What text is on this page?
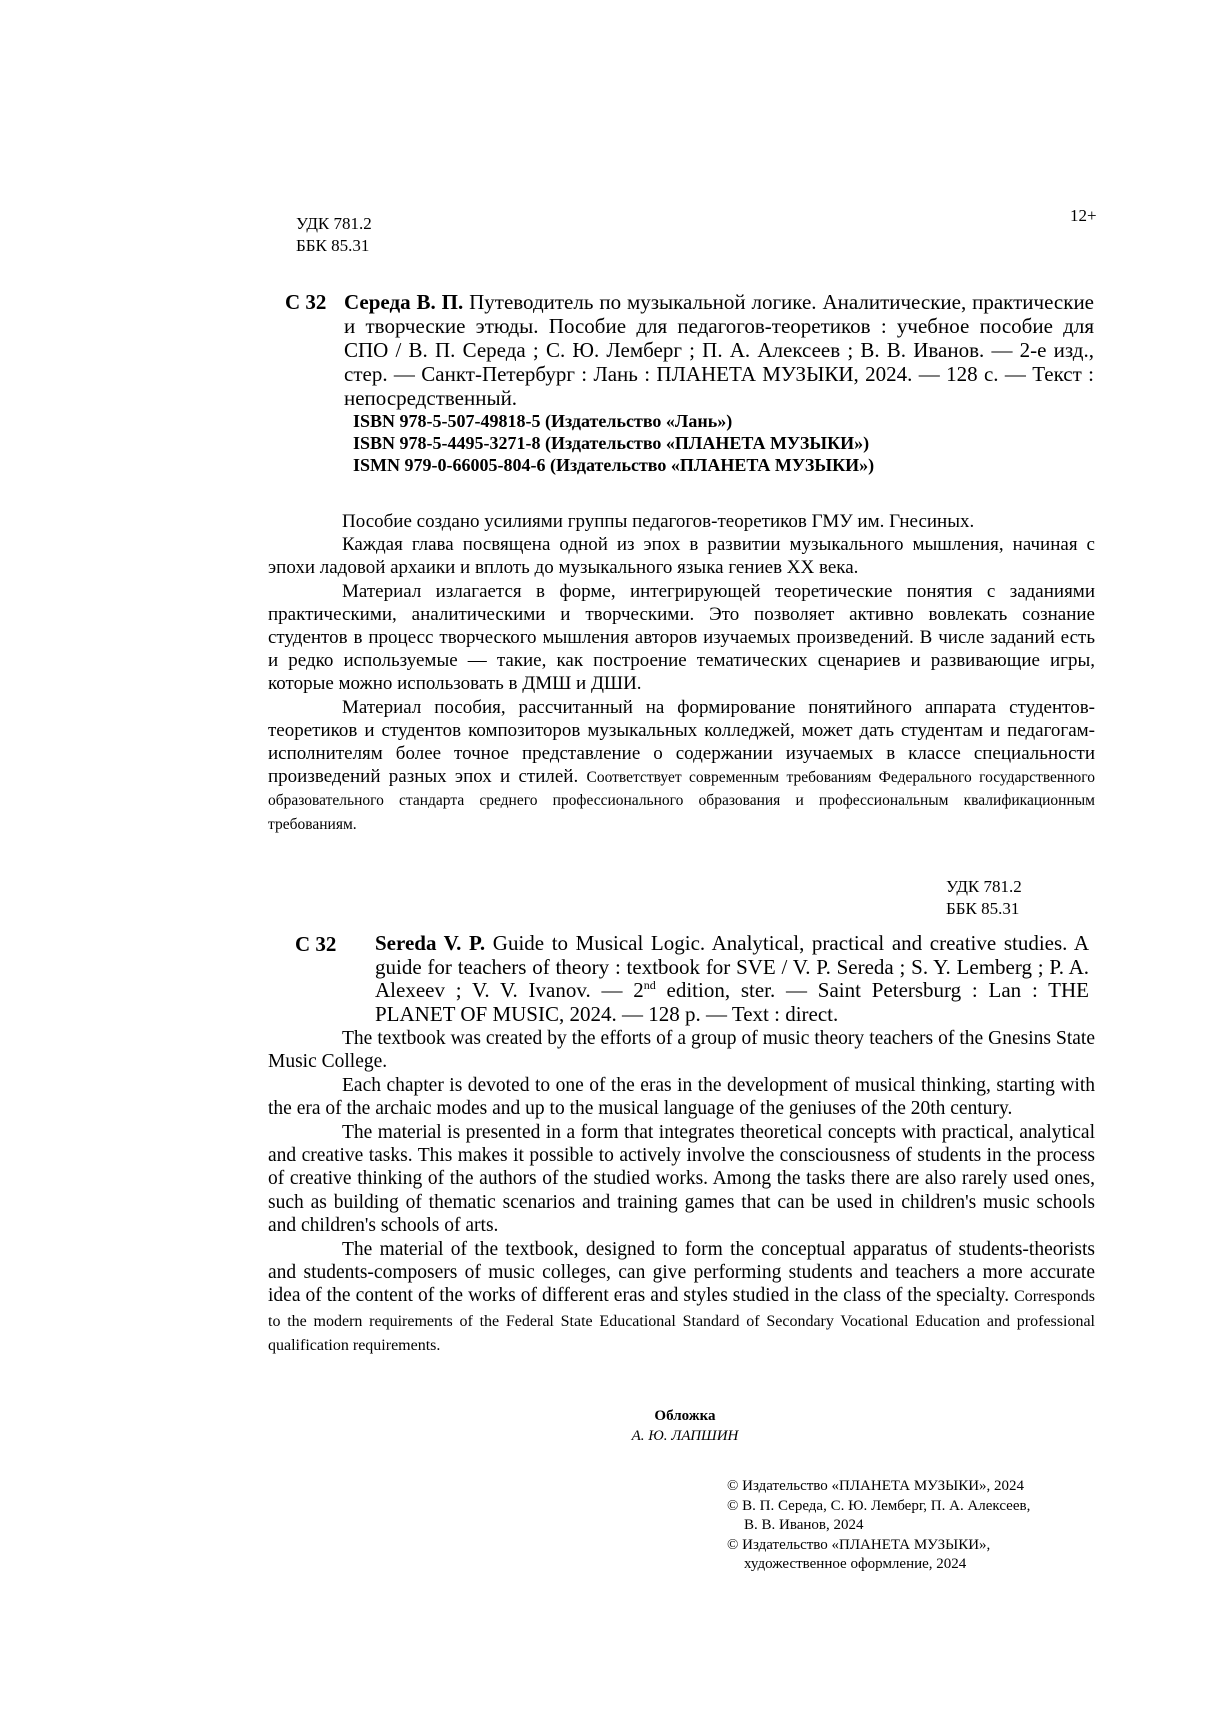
УДК 781.2
ББК 85.31
12+
С 32 Середа В. П. Путеводитель по музыкальной логике. Аналитические, практические и творческие этюды. Пособие для педагогов-теоретиков : учебное пособие для СПО / В. П. Середа ; С. Ю. Лемберг ; П. А. Алексеев ; В. В. Иванов. — 2-е изд., стер. — Санкт-Петербург : Лань : ПЛАНЕТА МУЗЫКИ, 2024. — 128 с. — Текст : непосредственный.
ISBN 978-5-507-49818-5 (Издательство «Лань»)
ISBN 978-5-4495-3271-8 (Издательство «ПЛАНЕТА МУЗЫКИ»)
ISMN 979-0-66005-804-6 (Издательство «ПЛАНЕТА МУЗЫКИ»)

Пособие создано усилиями группы педагогов-теоретиков ГМУ им. Гнесиных.

Каждая глава посвящена одной из эпох в развитии музыкального мышления, начиная с эпохи ладовой архаики и вплоть до музыкального языка гениев XX века.

Материал излагается в форме, интегрирующей теоретические понятия с заданиями практическими, аналитическими и творческими. Это позволяет активно вовлекать сознание студентов в процесс творческого мышления авторов изучаемых произведений. В числе заданий есть и редко используемые — такие, как построение тематических сценариев и развивающие игры, которые можно использовать в ДМШ и ДШИ.

Материал пособия, рассчитанный на формирование понятийного аппарата студентов-теоретиков и студентов композиторов музыкальных колледжей, может дать студентам и педагогам-исполнителям более точное представление о содержании изучаемых в классе специальности произведений разных эпох и стилей. Соответствует современным требованиям Федерального государственного образовательного стандарта среднего профессионального образования и профессиональным квалификационным требованиям.

УДК 781.2
ББК 85.31
С 32 Sereda V. P. Guide to Musical Logic. Analytical, practical and creative studies. A guide for teachers of theory : textbook for SVE / V. P. Sereda ; S. Y. Lemberg ; P. A. Alexeev ; V. V. Ivanov. — 2nd edition, ster. — Saint Petersburg : Lan : THE PLANET OF MUSIC, 2024. — 128 p. — Text : direct.

The textbook was created by the efforts of a group of music theory teachers of the Gnesins State Music College.

Each chapter is devoted to one of the eras in the development of musical thinking, starting with the era of the archaic modes and up to the musical language of the geniuses of the 20th century.

The material is presented in a form that integrates theoretical concepts with practical, analytical and creative tasks. This makes it possible to actively involve the consciousness of students in the process of creative thinking of the authors of the studied works. Among the tasks there are also rarely used ones, such as building of thematic scenarios and training games that can be used in children's music schools and children's schools of arts.

The material of the textbook, designed to form the conceptual apparatus of students-theorists and students-composers of music colleges, can give performing students and teachers a more accurate idea of the content of the works of different eras and styles studied in the class of the specialty. Corresponds to the modern requirements of the Federal State Educational Standard of Secondary Vocational Education and professional qualification requirements.

Обложка
А. Ю. ЛАПШИН
© Издательство «ПЛАНЕТА МУЗЫКИ», 2024
© В. П. Середа, С. Ю. Лемберг, П. А. Алексеев,
В. В. Иванов, 2024
© Издательство «ПЛАНЕТА МУЗЫКИ»,
художественное оформление, 2024
